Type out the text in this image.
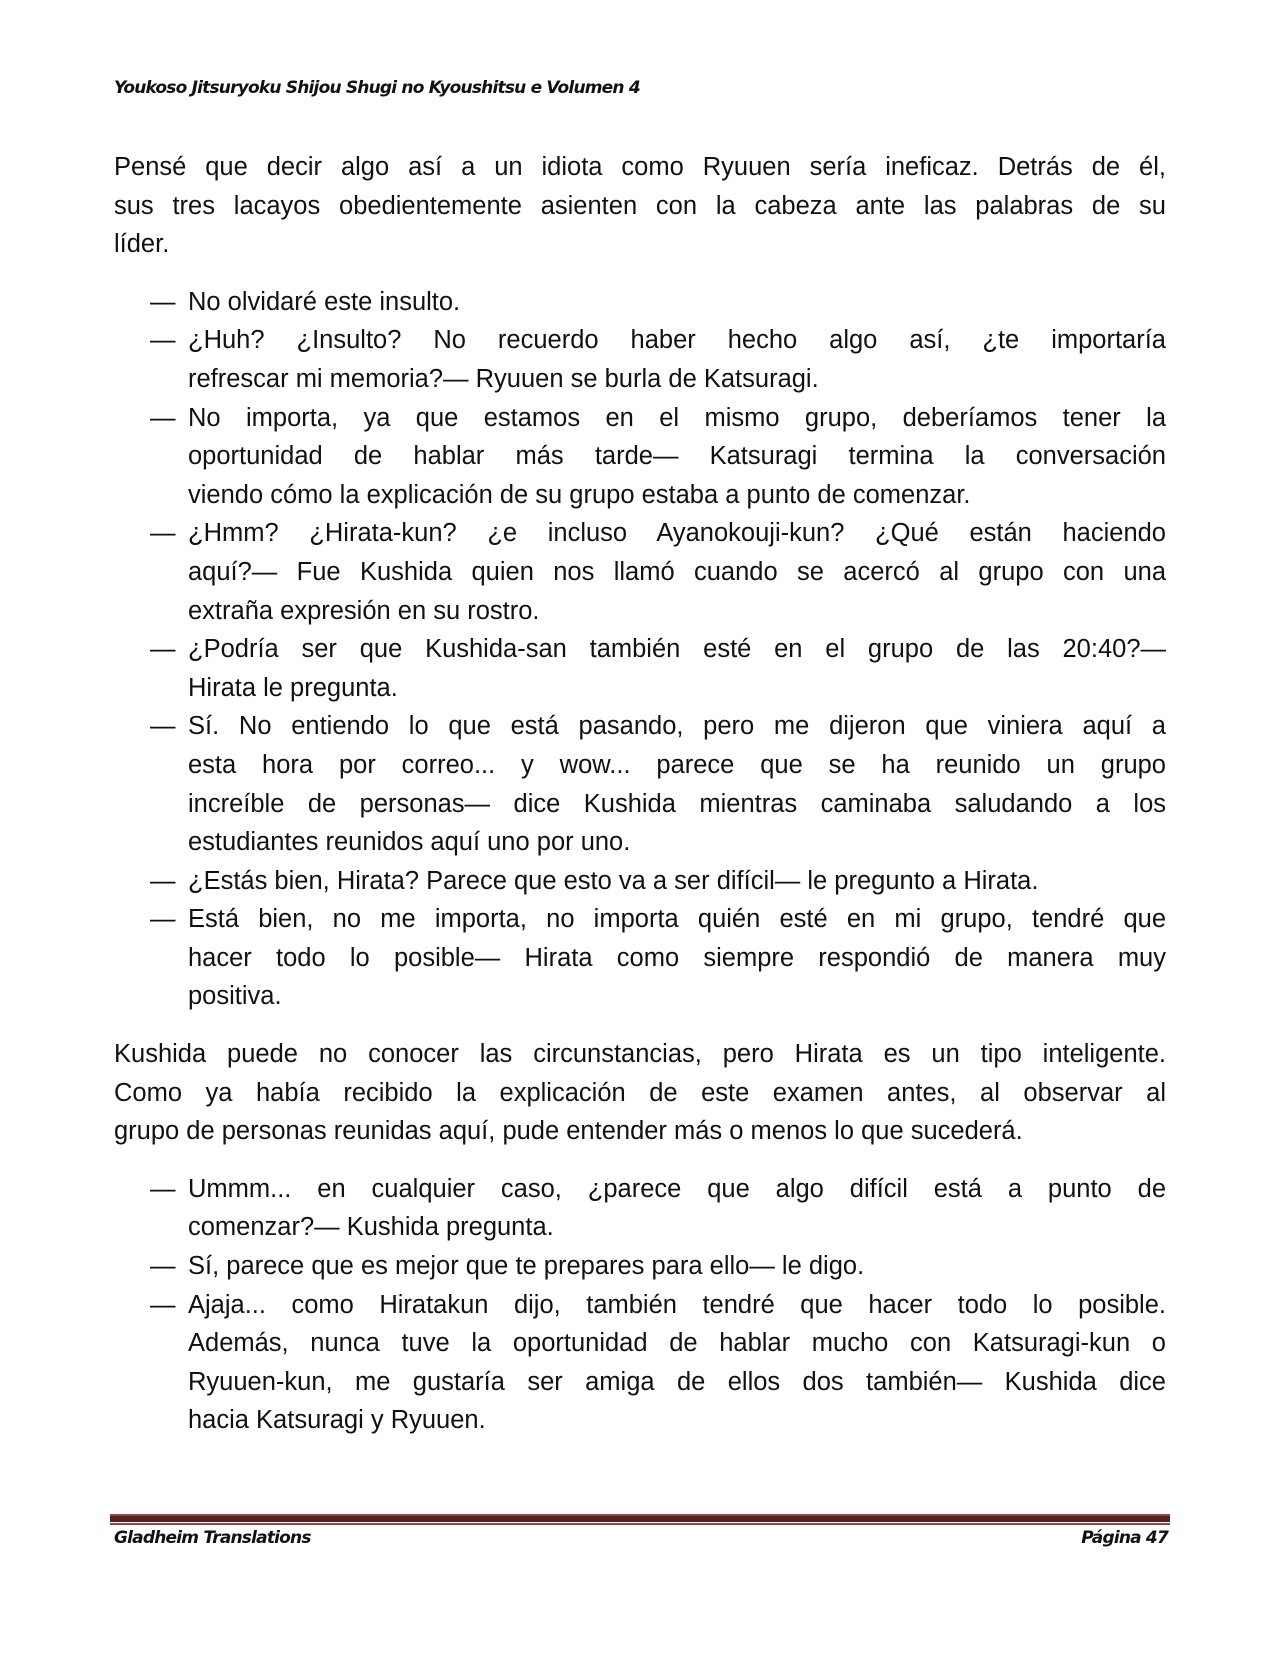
Youkoso Jitsuryoku Shijou Shugi no Kyoushitsu e Volumen 4
Pensé que decir algo así a un idiota como Ryuuen sería ineficaz. Detrás de él,
sus tres lacayos obedientemente asienten con la cabeza ante las palabras de su
líder.
— No olvidaré este insulto.
— ¿Huh? ¿Insulto? No recuerdo haber hecho algo así, ¿te importaría
refrescar mi memoria?— Ryuuen se burla de Katsuragi.
— No importa, ya que estamos en el mismo grupo, deberíamos tener la
oportunidad de hablar más tarde— Katsuragi termina la conversación
viendo cómo la explicación de su grupo estaba a punto de comenzar.
— ¿Hmm? ¿Hirata-kun? ¿e incluso Ayanokouji-kun? ¿Qué están haciendo
aquí?— Fue Kushida quien nos llamó cuando se acercó al grupo con una
extraña expresión en su rostro.
— ¿Podría ser que Kushida-san también esté en el grupo de las 20:40?—
Hirata le pregunta.
— Sí. No entiendo lo que está pasando, pero me dijeron que viniera aquí a
esta hora por correo... y wow... parece que se ha reunido un grupo
increíble de personas— dice Kushida mientras caminaba saludando a los
estudiantes reunidos aquí uno por uno.
— ¿Estás bien, Hirata? Parece que esto va a ser difícil— le pregunto a Hirata.
— Está bien, no me importa, no importa quién esté en mi grupo, tendré que
hacer todo lo posible— Hirata como siempre respondió de manera muy
positiva.
Kushida puede no conocer las circunstancias, pero Hirata es un tipo inteligente.
Como ya había recibido la explicación de este examen antes, al observar al
grupo de personas reunidas aquí, pude entender más o menos lo que sucederá.
— Ummm... en cualquier caso, ¿parece que algo difícil está a punto de
comenzar?— Kushida pregunta.
— Sí, parece que es mejor que te prepares para ello— le digo.
— Ajaja... como Hiratakun dijo, también tendré que hacer todo lo posible.
Además, nunca tuve la oportunidad de hablar mucho con Katsuragi-kun o
Ryuuen-kun, me gustaría ser amiga de ellos dos también— Kushida dice
hacia Katsuragi y Ryuuen.
Gladheim Translations	Página 47
